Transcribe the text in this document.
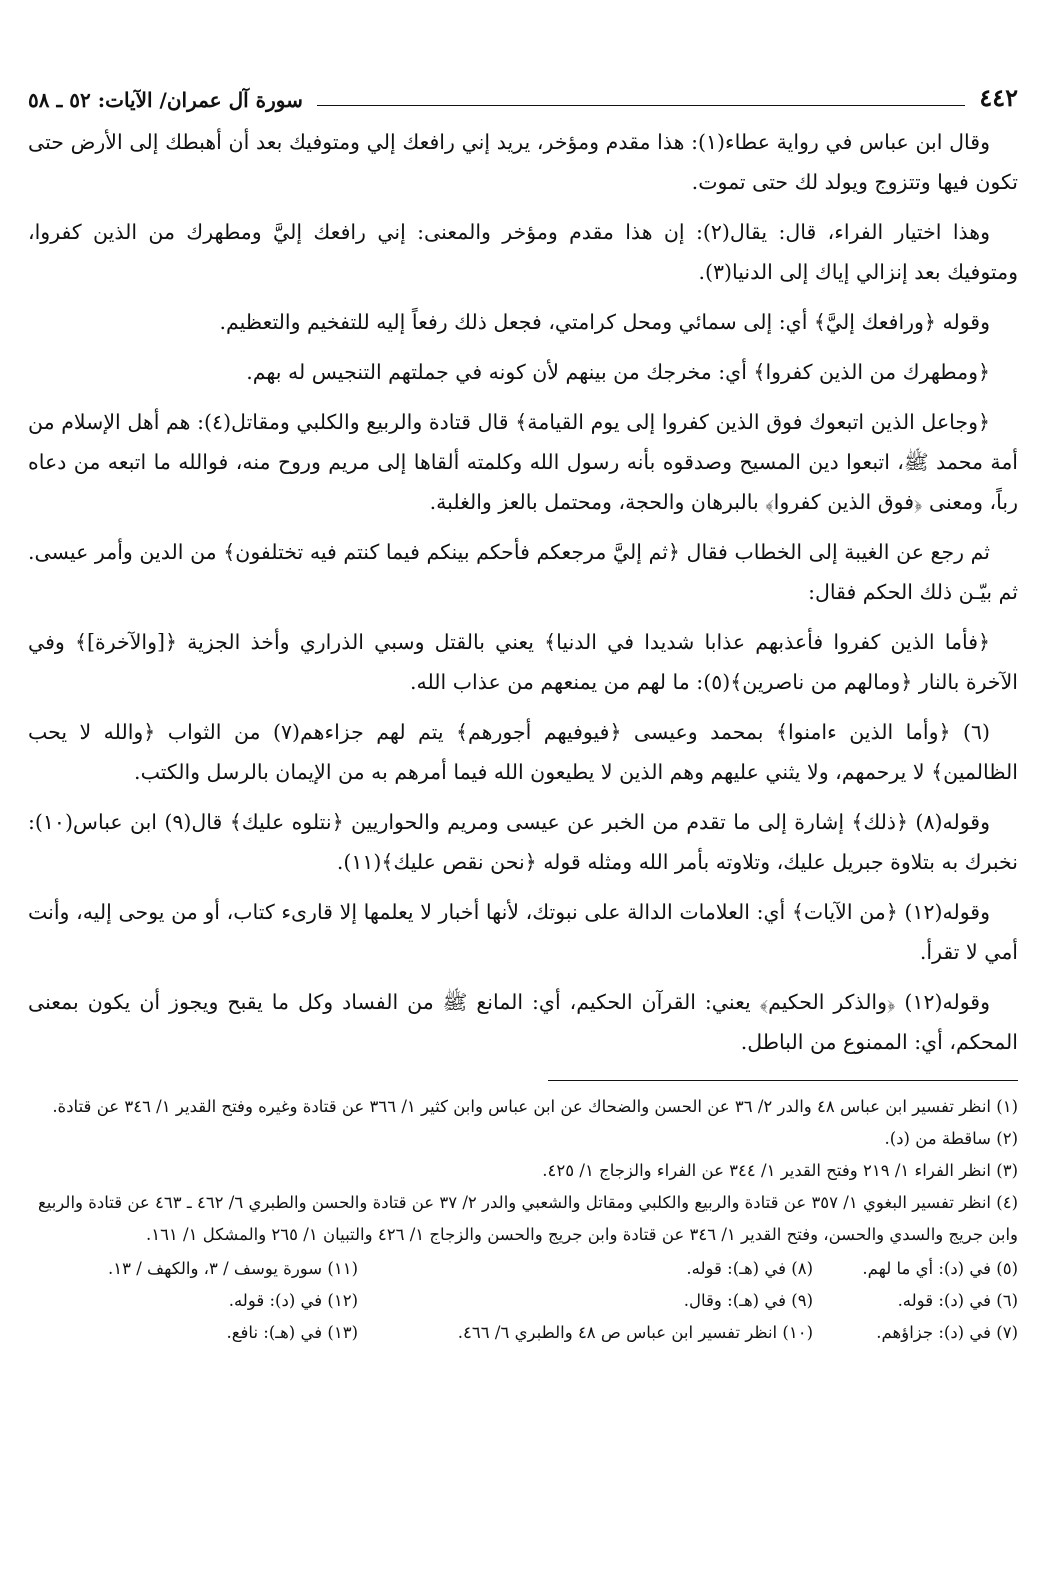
٤٤٢
سورة آل عمران/ الآيات: ٥٢ ـ ٥٨

وقال ابن عباس في رواية عطاء(١): هذا مقدم ومؤخر، يريد إني رافعك إلي ومتوفيك بعد أن أهبطك إلى الأرض حتى تكون فيها وتتزوج ويولد لك حتى تموت.

وهذا اختيار الفراء، قال: يقال(٢): إن هذا مقدم ومؤخر والمعنى: إني رافعك إليَّ ومطهرك من الذين كفروا، ومتوفيك بعد إنزالي إياك إلى الدنيا(٣).

وقوله ﴿ورافعك إليَّ﴾ أي: إلى سمائي ومحل كرامتي، فجعل ذلك رفعاً إليه للتفخيم والتعظيم.

﴿ومطهرك من الذين كفروا﴾ أي: مخرجك من بينهم لأن كونه في جملتهم التنجيس له بهم.

﴿وجاعل الذين اتبعوك فوق الذين كفروا إلى يوم القيامة﴾ قال قتادة والربيع والكلبي ومقاتل(٤): هم أهل الإسلام من أمة محمد ﷺ، اتبعوا دين المسيح وصدقوه بأنه رسول الله وكلمته ألقاها إلى مريم وروح منه، فوالله ما اتبعه من دعاه رباً، ومعنى ﴿فوق الذين كفروا﴾ بالبرهان والحجة، ومحتمل بالعز والغلبة.

ثم رجع عن الغيبة إلى الخطاب فقال ﴿ثم إليَّ مرجعكم فأحكم بينكم فيما كنتم فيه تختلفون﴾ من الدين وأمر عيسى. ثم بيّـن ذلك الحكم فقال:

﴿فأما الذين كفروا فأعذبهم عذابا شديدا في الدنيا﴾ يعني بالقتل وسبي الذراري وأخذ الجزية ﴿[والآخرة]﴾ وفي الآخرة بالنار ﴿ومالهم من ناصرين﴾(٥): ما لهم من يمنعهم من عذاب الله.

(٦) ﴿وأما الذين ءامنوا﴾ بمحمد وعيسى ﴿فيوفيهم أجورهم﴾ يتم لهم جزاءهم(٧) من الثواب ﴿والله لا يحب الظالمين﴾ لا يرحمهم، ولا يثني عليهم وهم الذين لا يطيعون الله فيما أمرهم به من الإيمان بالرسل والكتب.

وقوله(٨) ﴿ذلك﴾ إشارة إلى ما تقدم من الخبر عن عيسى ومريم والحواريين ﴿نتلوه عليك﴾ قال(٩) ابن عباس(١٠): نخبرك به بتلاوة جبريل عليك، وتلاوته بأمر الله ومثله قوله ﴿نحن نقص عليك﴾(١١).

وقوله(١٢) ﴿من الآيات﴾ أي: العلامات الدالة على نبوتك، لأنها أخبار لا يعلمها إلا قارىء كتاب، أو من يوحى إليه، وأنت أمي لا تقرأ.

وقوله(١٢) ﴿والذكر الحكيم﴾ يعني: القرآن الحكيم، أي: المانع ﷺ من الفساد وكل ما يقبح ويجوز أن يكون بمعنى المحكم، أي: الممنوع من الباطل.

(١) انظر تفسير ابن عباس ٤٨ والدر ٢/ ٣٦ عن الحسن والضحاك عن ابن عباس وابن كثير ١/ ٣٦٦ عن قتادة وغيره وفتح القدير ١/ ٣٤٦ عن قتادة.

(٢) ساقطة من (د).

(٣) انظر الفراء ١/ ٢١٩ وفتح القدير ١/ ٣٤٤ عن الفراء والزجاج ١/ ٤٢٥.

(٤) انظر تفسير البغوي ١/ ٣٥٧ عن قتادة والربيع والكلبي ومقاتل والشعبي والدر ٢/ ٣٧ عن قتادة والحسن والطبري ٦/ ٤٦٢ ـ ٤٦٣ عن قتادة والربيع وابن جريج والسدي والحسن، وفتح القدير ١/ ٣٤٦ عن قتادة وابن جريج والحسن والزجاج ١/ ٤٢٦ والتبيان ١/ ٢٦٥ والمشكل ١/ ١٦١.

(٥) في (د): أي ما لهم.
(٦) في (د): قوله.
(٧) في (د): جزاؤهم.
(٨) في (هـ): قوله.
(٩) في (هـ): وقال.
(١٠) انظر تفسير ابن عباس ص ٤٨ والطبري ٦/ ٤٦٦.
(١١) سورة يوسف / ٣، والكهف / ١٣.
(١٢) في (د): قوله.
(١٣) في (هـ): نافع.
